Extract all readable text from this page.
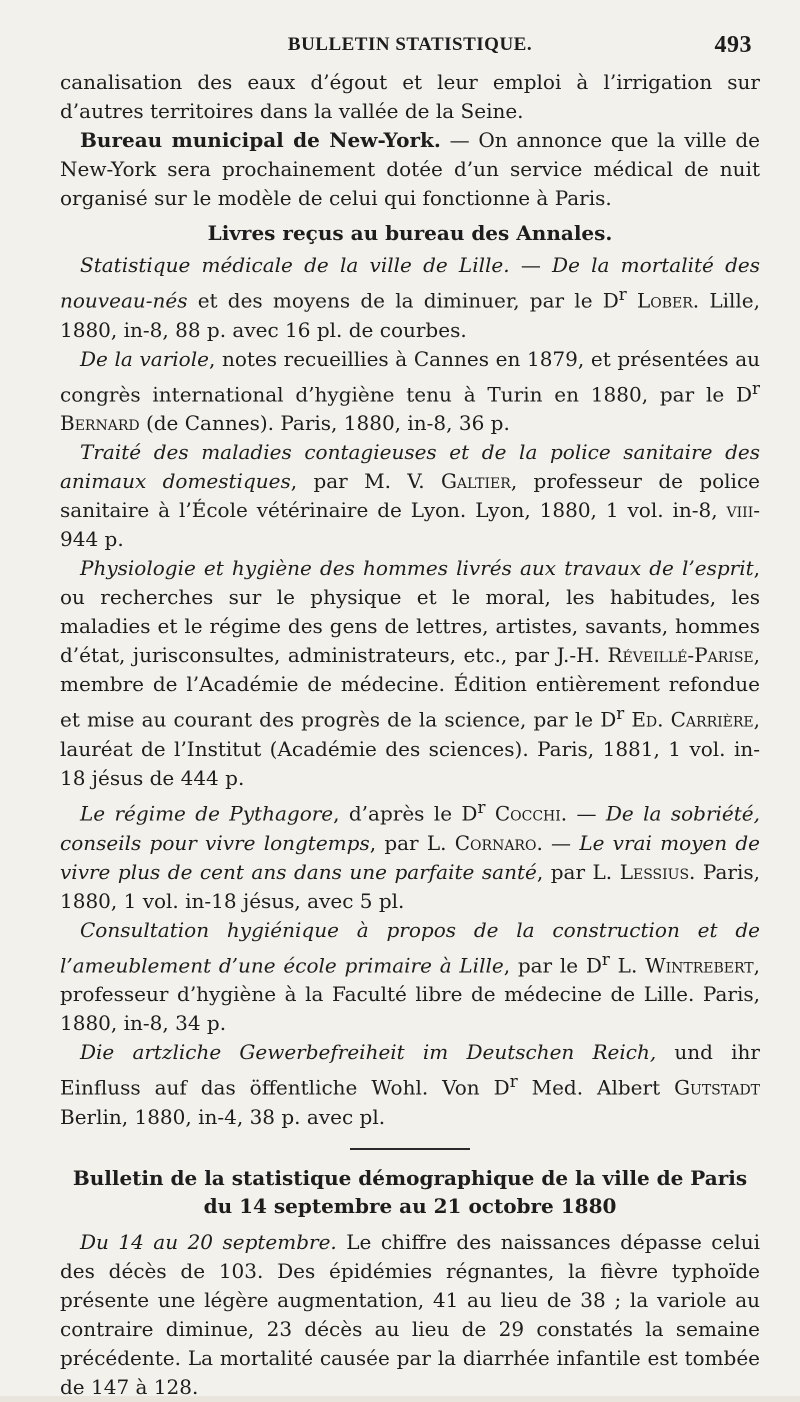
BULLETIN STATISTIQUE.	493

canalisation des eaux d’égout et leur emploi à l’irrigation sur d’autres territoires dans la vallée de la Seine.

Bureau municipal de New-York. — On annonce que la ville de New-York sera prochainement dotée d’un service médical de nuit organisé sur le modèle de celui qui fonctionne à Paris.

Livres reçus au bureau des Annales.

Statistique médicale de la ville de Lille. — De la mortalité des nouveau-nés et des moyens de la diminuer, par le $D^r$ Lober. Lille, 1880, in-8, 88 p. avec 16 pl. de courbes.

De la variole, notes recueillies à Cannes en 1879, et présentées au congrès international d’hygiène tenu à Turin en 1880, par le $D^r$ Bernard (de Cannes). Paris, 1880, in-8, 36 p.

Traité des maladies contagieuses et de la police sanitaire des animaux domestiques, par M. V. Galtier, professeur de police sanitaire à l’École vétérinaire de Lyon. Lyon, 1880, 1 vol. in-8, viii-944 p.

Physiologie et hygiène des hommes livrés aux travaux de l’esprit, ou recherches sur le physique et le moral, les habitudes, les maladies et le régime des gens de lettres, artistes, savants, hommes d’état, jurisconsultes, administrateurs, etc., par J.-H. Réveillé-Parise, membre de l’Académie de médecine. Édition entièrement refondue et mise au courant des progrès de la science, par le $D^r$ Ed. Carrière, lauréat de l’Institut (Académie des sciences). Paris, 1881, 1 vol. in-18 jésus de 444 p.

Le régime de Pythagore, d’après le $D^r$ Cocchi. — De la sobriété, conseils pour vivre longtemps, par L. Cornaro. — Le vrai moyen de vivre plus de cent ans dans une parfaite santé, par L. Lessius. Paris, 1880, 1 vol. in-18 jésus, avec 5 pl.

Consultation hygiénique à propos de la construction et de l’ameublement d’une école primaire à Lille, par le $D^r$ L. Wintrebert, professeur d’hygiène à la Faculté libre de médecine de Lille. Paris, 1880, in-8, 34 p.

Die artzliche Gewerbefreiheit im Deutschen Reich, und ihr Einfluss auf das öffentliche Wohl. Von $D^r$ Med. Albert Gutstadt Berlin, 1880, in-4, 38 p. avec pl.

Bulletin de la statistique démographique de la ville de Paris
du 14 septembre au 21 octobre 1880

Du 14 au 20 septembre. Le chiffre des naissances dépasse celui des décès de 103. Des épidémies régnantes, la fièvre typhoïde présente une légère augmentation, 41 au lieu de 38 ; la variole au contraire diminue, 23 décès au lieu de 29 constatés la semaine précédente. La mortalité causée par la diarrhée infantile est tombée de 147 à 128.
